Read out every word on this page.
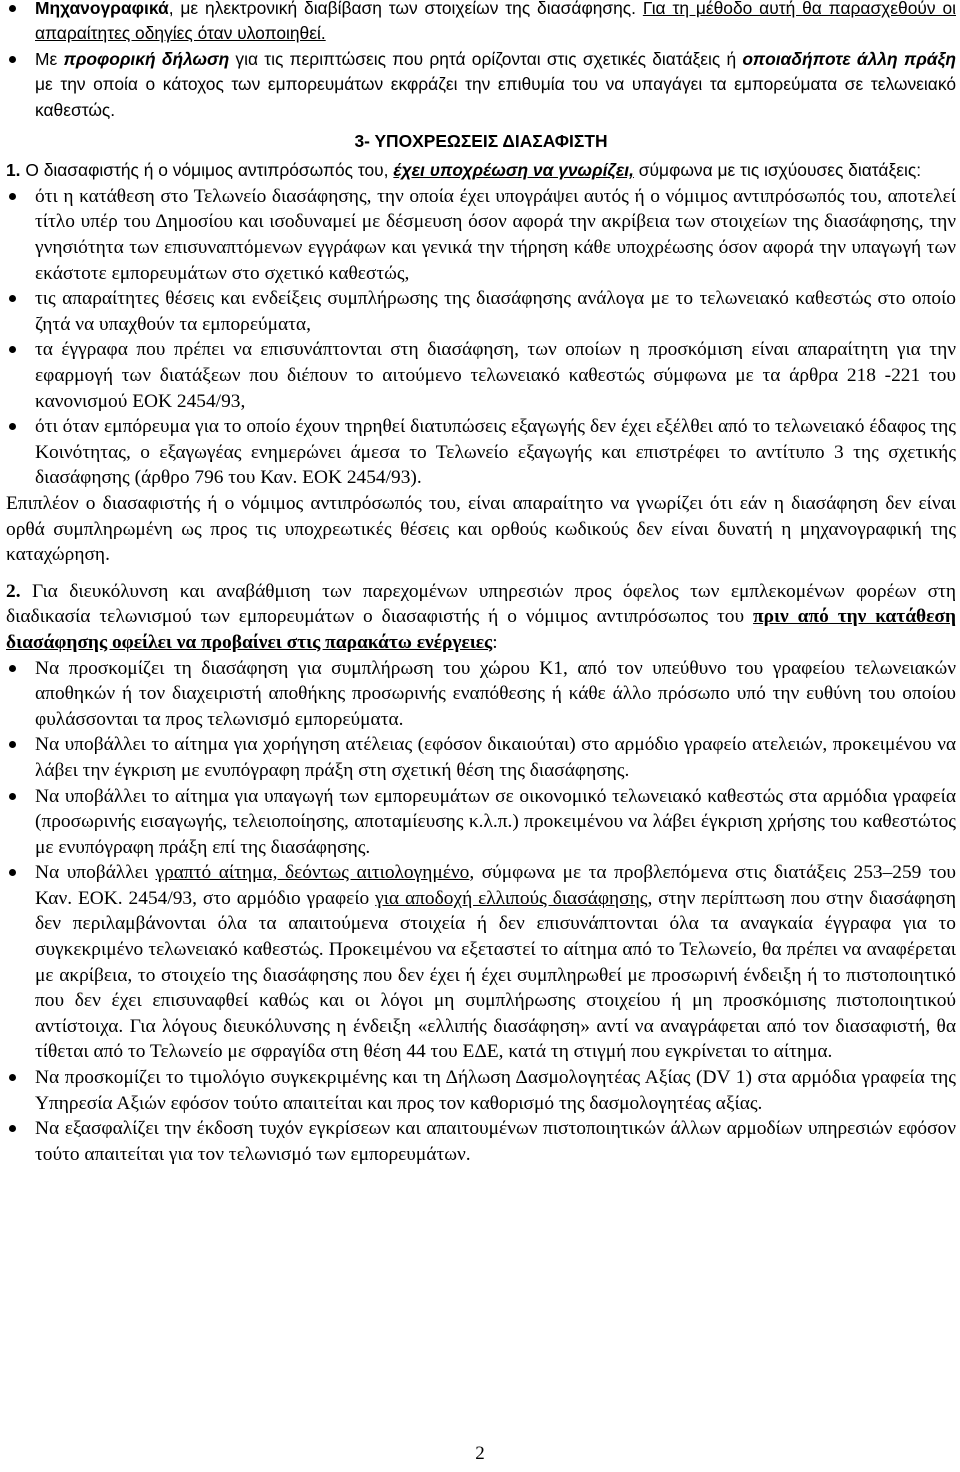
Μηχανογραφικά, με ηλεκτρονική διαβίβαση των στοιχείων της διασάφησης. Για τη μέθοδο αυτή θα παρασχεθούν οι απαραίτητες οδηγίες όταν υλοποιηθεί.
Με προφορική δήλωση για τις περιπτώσεις που ρητά ορίζονται στις σχετικές διατάξεις ή οποιαδήποτε άλλη πράξη με την οποία ο κάτοχος των εμπορευμάτων εκφράζει την επιθυμία του να υπαγάγει τα εμπορεύματα σε τελωνειακό καθεστώς.

3- ΥΠΟΧΡΕΩΣΕΙΣ ΔΙΑΣΑΦΙΣΤΗ

1. Ο διασαφιστής ή ο νόμιμος αντιπρόσωπός του, έχει υποχρέωση να γνωρίζει, σύμφωνα με τις ισχύουσες διατάξεις:

ότι η κατάθεση στο Τελωνείο διασάφησης, την οποία έχει υπογράψει αυτός ή ο νόμιμος αντιπρόσωπός του, αποτελεί τίτλο υπέρ του Δημοσίου και ισοδυναμεί με δέσμευση όσον αφορά την ακρίβεια των στοιχείων της διασάφησης, την γνησιότητα των επισυναπτόμενων εγγράφων και γενικά την τήρηση κάθε υποχρέωσης όσον αφορά την υπαγωγή των εκάστοτε εμπορευμάτων στο σχετικό καθεστώς,
τις απαραίτητες θέσεις και ενδείξεις συμπλήρωσης της διασάφησης ανάλογα με το τελωνειακό καθεστώς στο οποίο ζητά να υπαχθούν τα εμπορεύματα,
τα έγγραφα που πρέπει να επισυνάπτονται στη διασάφηση, των οποίων η προσκόμιση είναι απαραίτητη για την εφαρμογή των διατάξεων που διέπουν το αιτούμενο τελωνειακό καθεστώς σύμφωνα με τα άρθρα 218 -221 του κανονισμού ΕΟΚ 2454/93,
ότι όταν εμπόρευμα για το οποίο έχουν τηρηθεί διατυπώσεις εξαγωγής δεν έχει εξέλθει από το τελωνειακό έδαφος της Κοινότητας, ο εξαγωγέας ενημερώνει άμεσα το Τελωνείο εξαγωγής και επιστρέφει το αντίτυπο 3 της σχετικής διασάφησης (άρθρο 796 του Καν. ΕΟΚ 2454/93).

Επιπλέον ο διασαφιστής ή ο νόμιμος αντιπρόσωπός του, είναι απαραίτητο να γνωρίζει ότι εάν η διασάφηση δεν είναι ορθά συμπληρωμένη ως προς τις υποχρεωτικές θέσεις και ορθούς κωδικούς δεν είναι δυνατή η μηχανογραφική της καταχώρηση.

2. Για διευκόλυνση και αναβάθμιση των παρεχομένων υπηρεσιών προς όφελος των εμπλεκομένων φορέων στη διαδικασία τελωνισμού των εμπορευμάτων ο διασαφιστής ή ο νόμιμος αντιπρόσωπος του πριν από την κατάθεση διασάφησης οφείλει να προβαίνει στις παρακάτω ενέργειες:

Να προσκομίζει τη διασάφηση για συμπλήρωση του χώρου Κ1, από τον υπεύθυνο του γραφείου τελωνειακών αποθηκών ή τον διαχειριστή αποθήκης προσωρινής εναπόθεσης ή κάθε άλλο πρόσωπο υπό την ευθύνη του οποίου φυλάσσονται τα προς τελωνισμό εμπορεύματα.
Να υποβάλλει το αίτημα για χορήγηση ατέλειας (εφόσον δικαιούται) στο αρμόδιο γραφείο ατελειών, προκειμένου να λάβει την έγκριση με ενυπόγραφη πράξη στη σχετική θέση της διασάφησης.
Να υποβάλλει το αίτημα για υπαγωγή των εμπορευμάτων σε οικονομικό τελωνειακό καθεστώς στα αρμόδια γραφεία (προσωρινής εισαγωγής, τελειοποίησης, αποταμίευσης κ.λ.π.) προκειμένου να λάβει έγκριση χρήσης του καθεστώτος με ενυπόγραφη πράξη επί της διασάφησης.
Να υποβάλλει γραπτό αίτημα, δεόντως αιτιολογημένο, σύμφωνα με τα προβλεπόμενα στις διατάξεις 253–259 του Καν. ΕΟΚ. 2454/93, στο αρμόδιο γραφείο για αποδοχή ελλιπούς διασάφησης, στην περίπτωση που στην διασάφηση δεν περιλαμβάνονται όλα τα απαιτούμενα στοιχεία ή δεν επισυνάπτονται όλα τα αναγκαία έγγραφα για το συγκεκριμένο τελωνειακό καθεστώς. Προκειμένου να εξεταστεί το αίτημα από το Τελωνείο, θα πρέπει να αναφέρεται με ακρίβεια, το στοιχείο της διασάφησης που δεν έχει ή έχει συμπληρωθεί με προσωρινή ένδειξη ή το πιστοποιητικό που δεν έχει επισυναφθεί καθώς και οι λόγοι μη συμπλήρωσης στοιχείου ή μη προσκόμισης πιστοποιητικού αντίστοιχα. Για λόγους διευκόλυνσης η ένδειξη «ελλιπής διασάφηση» αντί να αναγράφεται από τον διασαφιστή, θα τίθεται από το Τελωνείο με σφραγίδα στη θέση 44 του ΕΔΕ, κατά τη στιγμή που εγκρίνεται το αίτημα.
Να προσκομίζει το τιμολόγιο συγκεκριμένης και τη Δήλωση Δασμολογητέας Αξίας (DV 1) στα αρμόδια γραφεία της Υπηρεσία Αξιών εφόσον τούτο απαιτείται και προς τον καθορισμό της δασμολογητέας αξίας.
Να εξασφαλίζει την έκδοση τυχόν εγκρίσεων και απαιτουμένων πιστοποιητικών άλλων αρμοδίων υπηρεσιών εφόσον τούτο απαιτείται για τον τελωνισμό των εμπορευμάτων.
2
